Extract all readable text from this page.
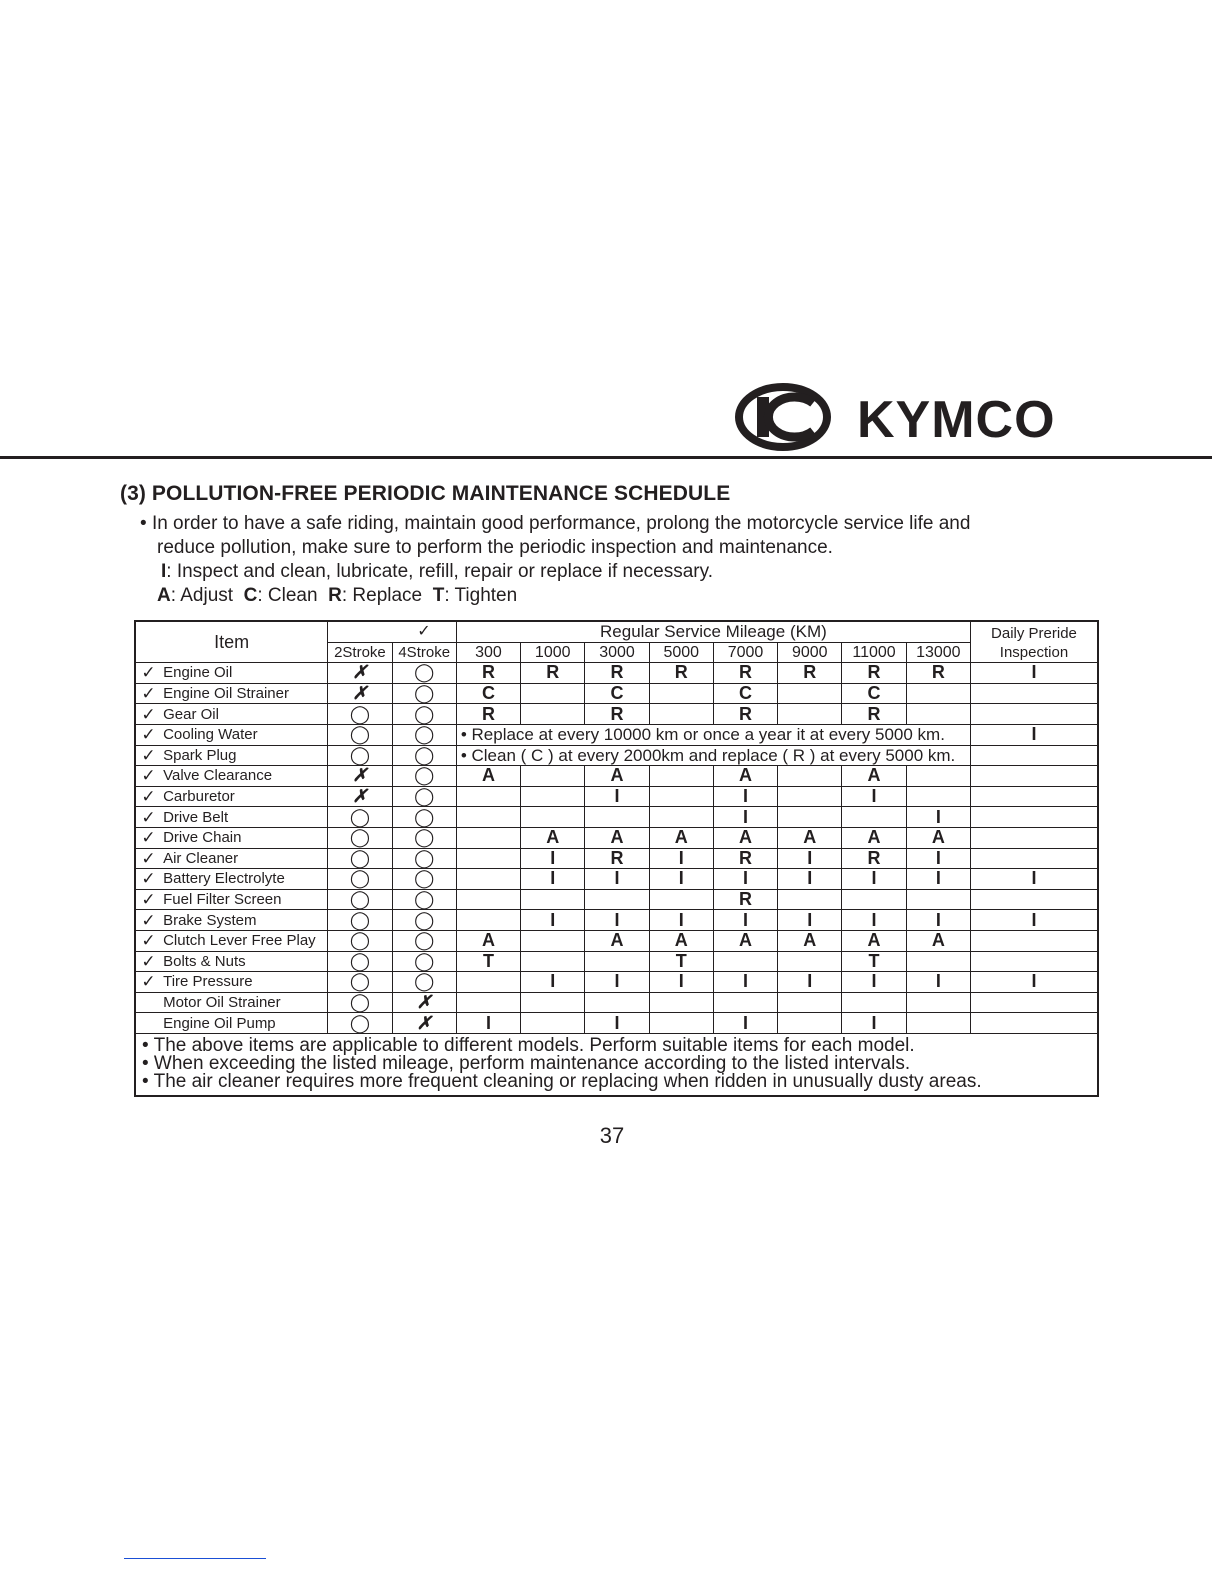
KYMCO
(3) POLLUTION-FREE PERIODIC MAINTENANCE SCHEDULE
• In order to have a safe riding, maintain good performance, prolong the motorcycle service life and
reduce pollution, make sure to perform the periodic inspection and maintenance.
I: Inspect and clean, lubricate, refill, repair or replace if necessary.
A: Adjust C: Clean R: Replace T: Tighten
Item			✓	Regular Service Mileage (KM)								Daily Preride
Inspection

		2Stroke	4Stroke	300	1000	3000	5000	7000	9000	11000	13000	
✓	Engine Oil	✗	◯	R	R	R	R	R	R	R	R	I
✓	Engine Oil Strainer	✗	◯	C		C		C		C		
✓	Gear Oil	◯	◯	R		R		R		R		
✓	Cooling Water	◯	◯	• Replace at every 10000 km or once a year it at every 5000 km.								I
✓	Spark Plug	◯	◯	• Clean ( C ) at every 2000km and replace ( R ) at every 5000 km.								
✓	Valve Clearance	✗	◯	A		A		A		A		
✓	Carburetor	✗	◯			I		I		I		
✓	Drive Belt	◯	◯					I			I	
✓	Drive Chain	◯	◯		A	A	A	A	A	A	A	
✓	Air Cleaner	◯	◯		I	R	I	R	I	R	I	
✓	Battery Electrolyte	◯	◯		I	I	I	I	I	I	I	I
✓	Fuel Filter Screen	◯	◯					R				
✓	Brake System	◯	◯		I	I	I	I	I	I	I	I
✓	Clutch Lever Free Play	◯	◯	A		A	A	A	A	A	A	
✓	Bolts & Nuts	◯	◯	T			T			T		
✓	Tire Pressure	◯	◯		I	I	I	I	I	I	I	I
	Motor Oil Strainer	◯	✗									
	Engine Oil Pump	◯	✗	I		I		I		I		

• The above items are applicable to different models. Perform suitable items for each model.
• When exceeding the listed mileage, perform maintenance according to the listed intervals.
• The air cleaner requires more frequent cleaning or replacing when ridden in unusually dusty areas.												
37
